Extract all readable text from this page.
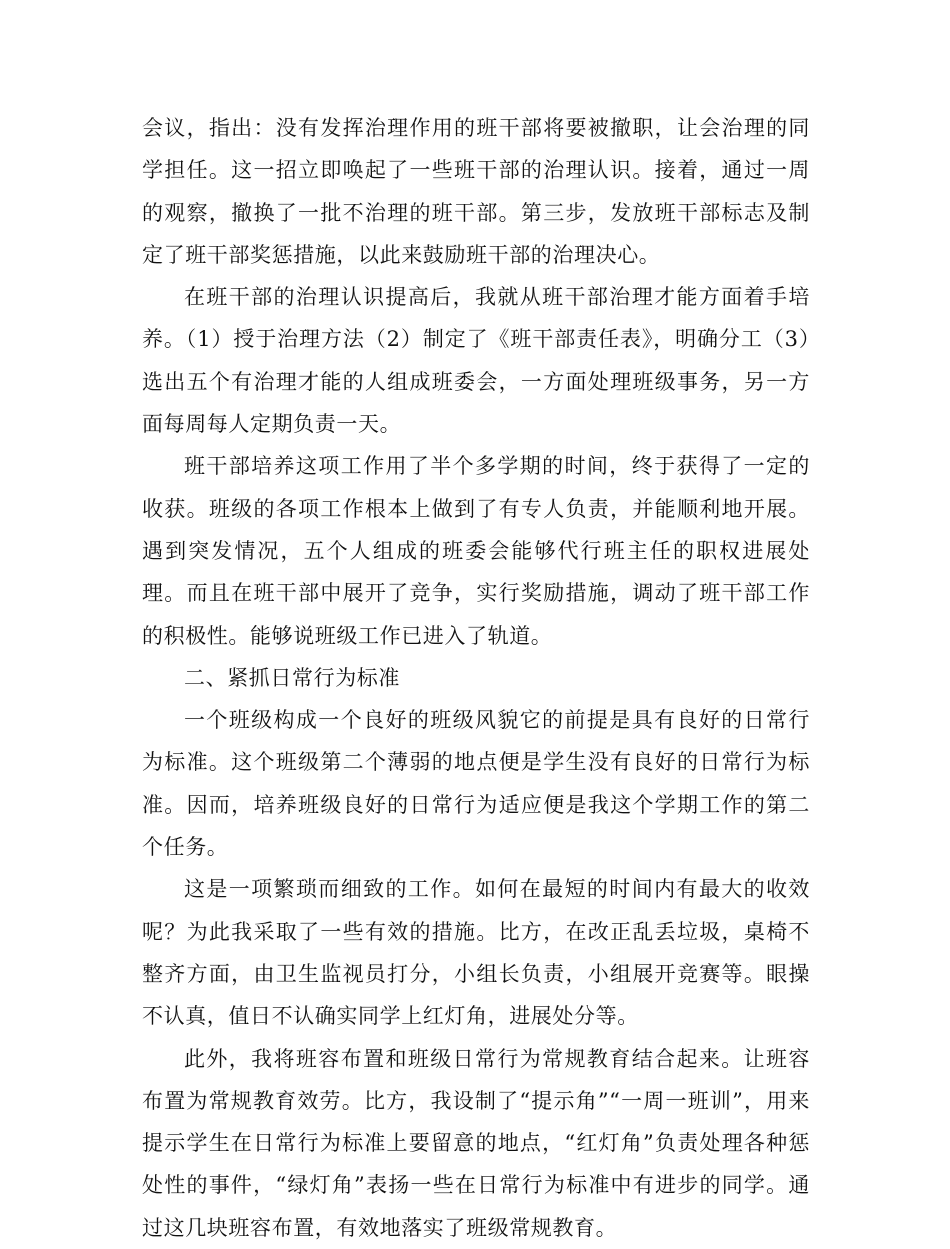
会议，指出：没有发挥治理作用的班干部将要被撤职，让会治理的同学担任。这一招立即唤起了一些班干部的治理认识。接着，通过一周的观察，撤换了一批不治理的班干部。第三步，发放班干部标志及制定了班干部奖惩措施，以此来鼓励班干部的治理决心。

在班干部的治理认识提高后，我就从班干部治理才能方面着手培养。（1）授于治理方法（2）制定了《班干部责任表》，明确分工（3）选出五个有治理才能的人组成班委会，一方面处理班级事务，另一方面每周每人定期负责一天。

班干部培养这项工作用了半个多学期的时间，终于获得了一定的收获。班级的各项工作根本上做到了有专人负责，并能顺利地开展。遇到突发情况，五个人组成的班委会能够代行班主任的职权进展处理。而且在班干部中展开了竞争，实行奖励措施，调动了班干部工作的积极性。能够说班级工作已进入了轨道。

二、紧抓日常行为标准

一个班级构成一个良好的班级风貌它的前提是具有良好的日常行为标准。这个班级第二个薄弱的地点便是学生没有良好的日常行为标准。因而，培养班级良好的日常行为适应便是我这个学期工作的第二个任务。

这是一项繁琐而细致的工作。如何在最短的时间内有最大的收效呢？为此我采取了一些有效的措施。比方，在改正乱丢垃圾，桌椅不整齐方面，由卫生监视员打分，小组长负责，小组展开竞赛等。眼操不认真，值日不认确实同学上红灯角，进展处分等。

此外，我将班容布置和班级日常行为常规教育结合起来。让班容布置为常规教育效劳。比方，我设制了“提示角”“一周一班训”，用来提示学生在日常行为标准上要留意的地点，“红灯角”负责处理各种惩处性的事件，“绿灯角”表扬一些在日常行为标准中有进步的同学。通过这几块班容布置，有效地落实了班级常规教育。
